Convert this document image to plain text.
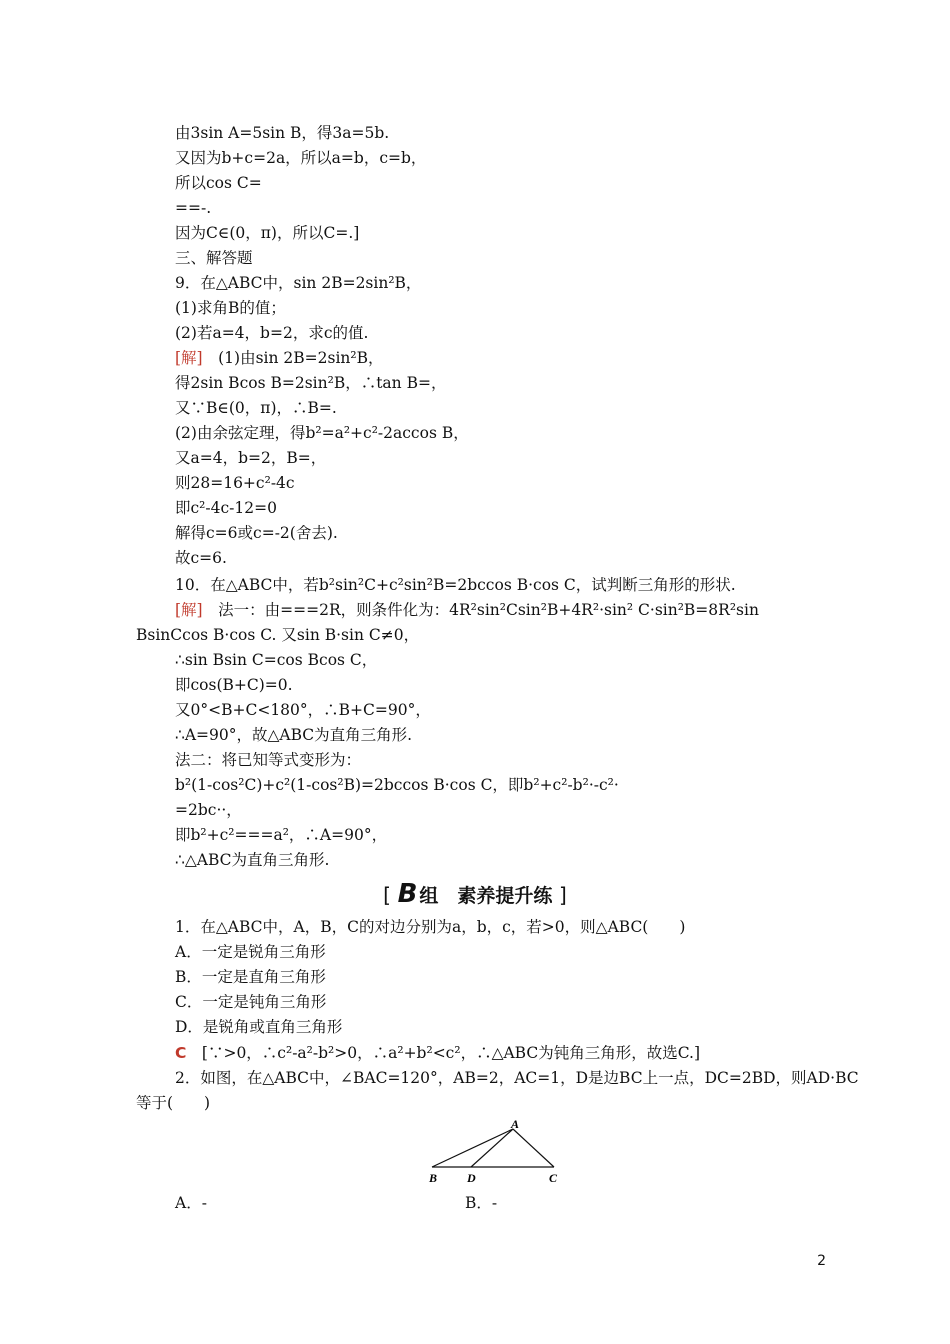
由3sin A=5sin B，得3a=5b.
又因为b+c=2a，所以a=b，c=b，
所以cos C=
==-.
因为C∈(0，π)，所以C=.]
三、解答题
9．在△ABC中，sin 2B=2sin²B，
(1)求角B的值；
(2)若a=4，b=2，求c的值.
[解]　 (1)由sin 2B=2sin²B，
得2sin Bcos B=2sin²B，∴tan B=，
又∵B∈(0，π)，∴B=.
(2)由余弦定理，得b²=a²+c²-2accos B，
又a=4，b=2，B=，
则28=16+c²-4c
即c²-4c-12=0
解得c=6或c=-2(舍去).
故c=6.
10．在△ABC中，若b²sin²C+c²sin²B=2bccos B·cos C，试判断三角形的形状.
[解]　 法一：由===2R，则条件化为：4R²sin²Csin²B+4R²·sin² C·sin²B=8R²sin
BsinCcos B·cos C. 又sin B·sin C≠0，
∴sin Bsin C=cos Bcos C，
即cos(B+C)=0.
又0°<B+C<180°，∴B+C=90°，
∴A=90°，故△ABC为直角三角形.
法二：将已知等式变形为：
b²(1-cos²C)+c²(1-cos²B)=2bccos B·cos C，即b²+c²-b²·-c²·
=2bc··，
即b²+c²===a²，∴A=90°，
∴△ABC为直角三角形.
[ B 组　素养提升练 ]
1．在△ABC中，A，B，C的对边分别为a，b，c，若>0，则△ABC(　　)
A．一定是锐角三角形
B．一定是直角三角形
C．一定是钝角三角形
D．是锐角或直角三角形
C　 [∵>0，∴c²-a²-b²>0，∴a²+b²<c²，∴△ABC为钝角三角形，故选C.]
2．如图，在△ABC中，∠BAC=120°，AB=2，AC=1，D是边BC上一点，DC=2BD，则AD·BC
等于(　　)
A
B D	C
A．-	B．-
2
